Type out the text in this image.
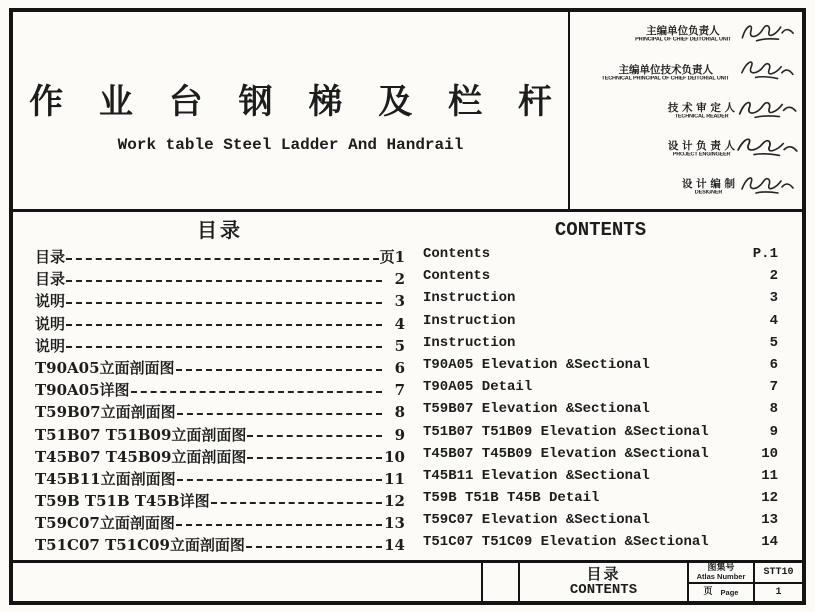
作 业 台 钢 梯 及 栏 杆
Work table Steel Ladder And Handrail
主编单位负责人
PRINCIPAL OF CHIEF DEITORIAL UNIT
主编单位技术负责人
TECHNICAL PRINCIPAL OF CHIEF DEITORIAL UNIT
技 术 审 定 人
TECHNICAL READER
设 计 负 责 人
PROJECT ENGINGEER
设 计 编 制
DESIGNER
目录
目录	页1
目录	2
说明	3
说明	4
说明	5
T90A05立面剖面图	6
T90A05详图	7
T59B07立面剖面图	8
T51B07 T51B09立面剖面图	9
T45B07 T45B09立面剖面图	10
T45B11立面剖面图	11
T59B T51B T45B详图	12
T59C07立面剖面图	13
T51C07 T51C09立面剖面图	14
CONTENTS
Contents	P.1
Contents	2
Instruction	3
Instruction	4
Instruction	5
T90A05 Elevation &Sectional	6
T90A05 Detail	7
T59B07 Elevation &Sectional	8
T51B07 T51B09 Elevation &Sectional	9
T45B07 T45B09 Elevation &Sectional	10
T45B11 Elevation &Sectional	11
T59B T51B T45B Detail	12
T59C07 Elevation &Sectional	13
T51C07 T51C09 Elevation &Sectional	14
目录
CONTENTS
图集号
Atlas Number	STT10
页 Page	1
